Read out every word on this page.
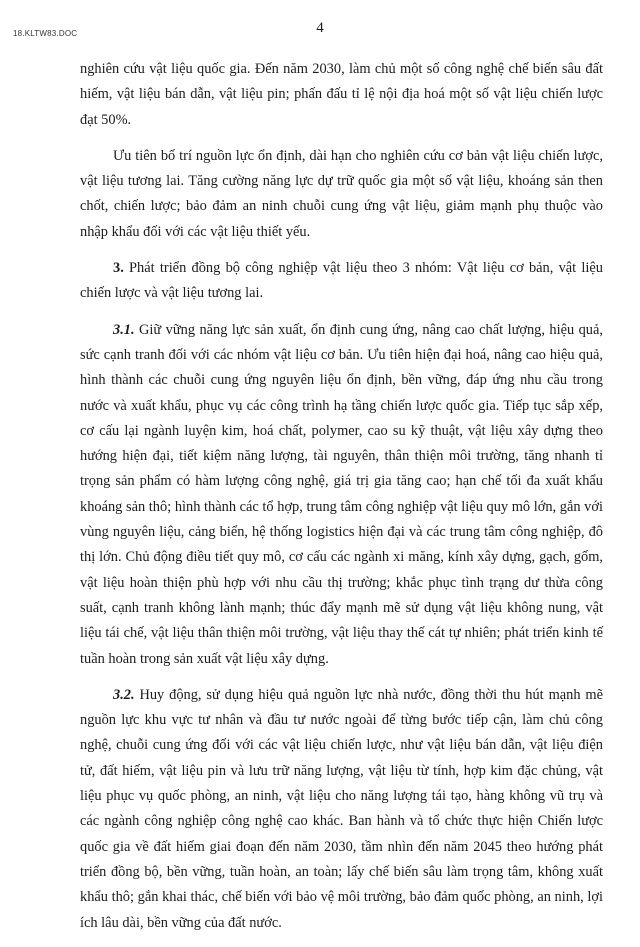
18.KLTW83.DOC	4

nghiên cứu vật liệu quốc gia. Đến năm 2030, làm chủ một số công nghệ chế biến sâu đất hiếm, vật liệu bán dẫn, vật liệu pin; phấn đấu tỉ lệ nội địa hoá một số vật liệu chiến lược đạt 50%.

Ưu tiên bố trí nguồn lực ổn định, dài hạn cho nghiên cứu cơ bản vật liệu chiến lược, vật liệu tương lai. Tăng cường năng lực dự trữ quốc gia một số vật liệu, khoáng sản then chốt, chiến lược; bảo đảm an ninh chuỗi cung ứng vật liệu, giảm mạnh phụ thuộc vào nhập khẩu đối với các vật liệu thiết yếu.

3. Phát triển đồng bộ công nghiệp vật liệu theo 3 nhóm: Vật liệu cơ bản, vật liệu chiến lược và vật liệu tương lai.

3.1. Giữ vững năng lực sản xuất, ổn định cung ứng, nâng cao chất lượng, hiệu quả, sức cạnh tranh đối với các nhóm vật liệu cơ bản. Ưu tiên hiện đại hoá, nâng cao hiệu quả, hình thành các chuỗi cung ứng nguyên liệu ổn định, bền vững, đáp ứng nhu cầu trong nước và xuất khẩu, phục vụ các công trình hạ tầng chiến lược quốc gia. Tiếp tục sắp xếp, cơ cấu lại ngành luyện kim, hoá chất, polymer, cao su kỹ thuật, vật liệu xây dựng theo hướng hiện đại, tiết kiệm năng lượng, tài nguyên, thân thiện môi trường, tăng nhanh tỉ trọng sản phẩm có hàm lượng công nghệ, giá trị gia tăng cao; hạn chế tối đa xuất khẩu khoáng sản thô; hình thành các tổ hợp, trung tâm công nghiệp vật liệu quy mô lớn, gắn với vùng nguyên liệu, cảng biển, hệ thống logistics hiện đại và các trung tâm công nghiệp, đô thị lớn. Chủ động điều tiết quy mô, cơ cấu các ngành xi măng, kính xây dựng, gạch, gốm, vật liệu hoàn thiện phù hợp với nhu cầu thị trường; khắc phục tình trạng dư thừa công suất, cạnh tranh không lành mạnh; thúc đẩy mạnh mẽ sử dụng vật liệu không nung, vật liệu tái chế, vật liệu thân thiện môi trường, vật liệu thay thế cát tự nhiên; phát triển kinh tế tuần hoàn trong sản xuất vật liệu xây dựng.

3.2. Huy động, sử dụng hiệu quả nguồn lực nhà nước, đồng thời thu hút mạnh mẽ nguồn lực khu vực tư nhân và đầu tư nước ngoài để từng bước tiếp cận, làm chủ công nghệ, chuỗi cung ứng đối với các vật liệu chiến lược, như vật liệu bán dẫn, vật liệu điện tử, đất hiếm, vật liệu pin và lưu trữ năng lượng, vật liệu từ tính, hợp kim đặc chủng, vật liệu phục vụ quốc phòng, an ninh, vật liệu cho năng lượng tái tạo, hàng không vũ trụ và các ngành công nghiệp công nghệ cao khác. Ban hành và tổ chức thực hiện Chiến lược quốc gia về đất hiếm giai đoạn đến năm 2030, tầm nhìn đến năm 2045 theo hướng phát triển đồng bộ, bền vững, tuần hoàn, an toàn; lấy chế biến sâu làm trọng tâm, không xuất khẩu thô; gắn khai thác, chế biến với bảo vệ môi trường, bảo đảm quốc phòng, an ninh, lợi ích lâu dài, bền vững của đất nước.
